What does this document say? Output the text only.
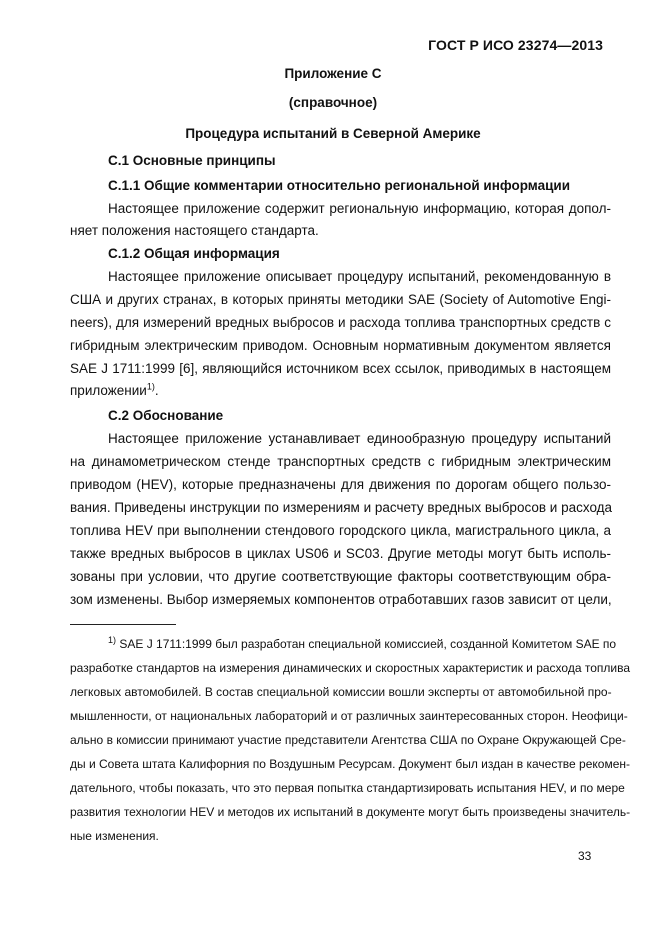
ГОСТ Р ИСО 23274—2013
Приложение С
(справочное)
Процедура испытаний в Северной Америке
С.1 Основные принципы
С.1.1 Общие комментарии относительно региональной информации
Настоящее приложение содержит региональную информацию, которая допол-
няет положения настоящего стандарта.
С.1.2 Общая информация
Настоящее приложение описывает процедуру испытаний, рекомендованную в
США и других странах, в которых приняты методики SAE (Society of Automotive Engi-
neers), для измерений вредных выбросов и расхода топлива транспортных средств с
гибридным электрическим приводом. Основным нормативным документом является
SAE J 1711:1999 [6], являющийся источником всех ссылок, приводимых в настоящем
приложении$^{1)}$.
С.2 Обоснование
Настоящее приложение устанавливает единообразную процедуру испытаний
на динамометрическом стенде транспортных средств с гибридным электрическим
приводом (HEV), которые предназначены для движения по дорогам общего пользо-
вания. Приведены инструкции по измерениям и расчету вредных выбросов и расхода
топлива HEV при выполнении стендового городского цикла, магистрального цикла, а
также вредных выбросов в циклах US06 и SC03. Другие методы могут быть исполь-
зованы при условии, что другие соответствующие факторы соответствующим обра-
зом изменены. Выбор измеряемых компонентов отработавших газов зависит от цели,
$^{1)}$ SAE J 1711:1999 был разработан специальной комиссией, созданной Комитетом SAE по
разработке стандартов на измерения динамических и скоростных характеристик и расхода топлива
легковых автомобилей. В состав специальной комиссии вошли эксперты от автомобильной про-
мышленности, от национальных лабораторий и от различных заинтересованных сторон. Неофици-
ально в комиссии принимают участие представители Агентства США по Охране Окружающей Сре-
ды и Совета штата Калифорния по Воздушным Ресурсам. Документ был издан в качестве рекомен-
дательного, чтобы показать, что это первая попытка стандартизировать испытания HEV, и по мере
развития технологии HEV и методов их испытаний в документе могут быть произведены значитель-
ные изменения.
33
